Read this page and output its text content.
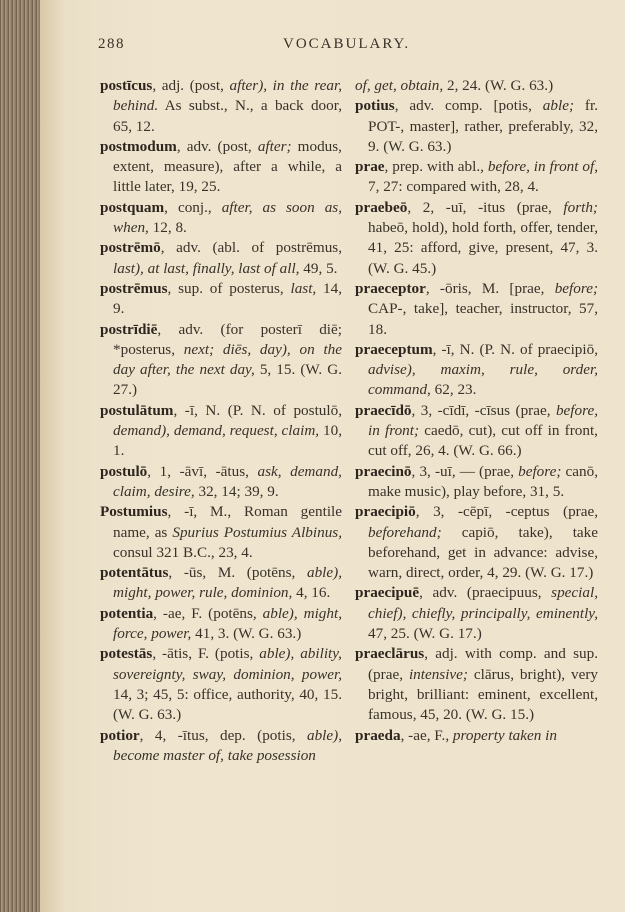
288	VOCABULARY.

postīcus, adj. (post, after), in the rear, behind. As subst., N., a back door, 65, 12.

postmodum, adv. (post, after; modus, extent, measure), after a while, a little later, 19, 25.

postquam, conj., after, as soon as, when, 12, 8.

postrēmō, adv. (abl. of postrēmus, last), at last, finally, last of all, 49, 5.

postrēmus, sup. of posterus, last, 14, 9.

postrīdiē, adv. (for posterī diē; *posterus, next; diēs, day), on the day after, the next day, 5, 15. (W. G. 27.)

postulātum, -ī, N. (P. N. of postulō, demand), demand, request, claim, 10, 1.

postulō, 1, -āvī, -ātus, ask, demand, claim, desire, 32, 14; 39, 9.

Postumius, -ī, M., Roman gentile name, as Spurius Postumius Albinus, consul 321 B.C., 23, 4.

potentātus, -ūs, M. (potēns, able), might, power, rule, dominion, 4, 16.

potentia, -ae, F. (potēns, able), might, force, power, 41, 3. (W. G. 63.)

potestās, -ātis, F. (potis, able), ability, sovereignty, sway, dominion, power, 14, 3; 45, 5: office, authority, 40, 15. (W. G. 63.)

potior, 4, -ītus, dep. (potis, able), become master of, take posession

of, get, obtain, 2, 24. (W. G. 63.)

potius, adv. comp. [potis, able; fr. POT-, master], rather, preferably, 32, 9. (W. G. 63.)

prae, prep. with abl., before, in front of, 7, 27: compared with, 28, 4.

praebeō, 2, -uī, -itus (prae, forth; habeō, hold), hold forth, offer, tender, 41, 25: afford, give, present, 47, 3. (W. G. 45.)

praeceptor, -ōris, M. [prae, before; CAP-, take], teacher, instructor, 57, 18.

praeceptum, -ī, N. (P. N. of praecipiō, advise), maxim, rule, order, command, 62, 23.

praecīdō, 3, -cīdī, -cīsus (prae, before, in front; caedō, cut), cut off in front, cut off, 26, 4. (W. G. 66.)

praecinō, 3, -uī, — (prae, before; canō, make music), play before, 31, 5.

praecipiō, 3, -cēpī, -ceptus (prae, beforehand; capiō, take), take beforehand, get in advance: advise, warn, direct, order, 4, 29. (W. G. 17.)

praecipuē, adv. (praecipuus, special, chief), chiefly, principally, eminently, 47, 25. (W. G. 17.)

praeclārus, adj. with comp. and sup. (prae, intensive; clārus, bright), very bright, brilliant: eminent, excellent, famous, 45, 20. (W. G. 15.)

praeda, -ae, F., property taken in
